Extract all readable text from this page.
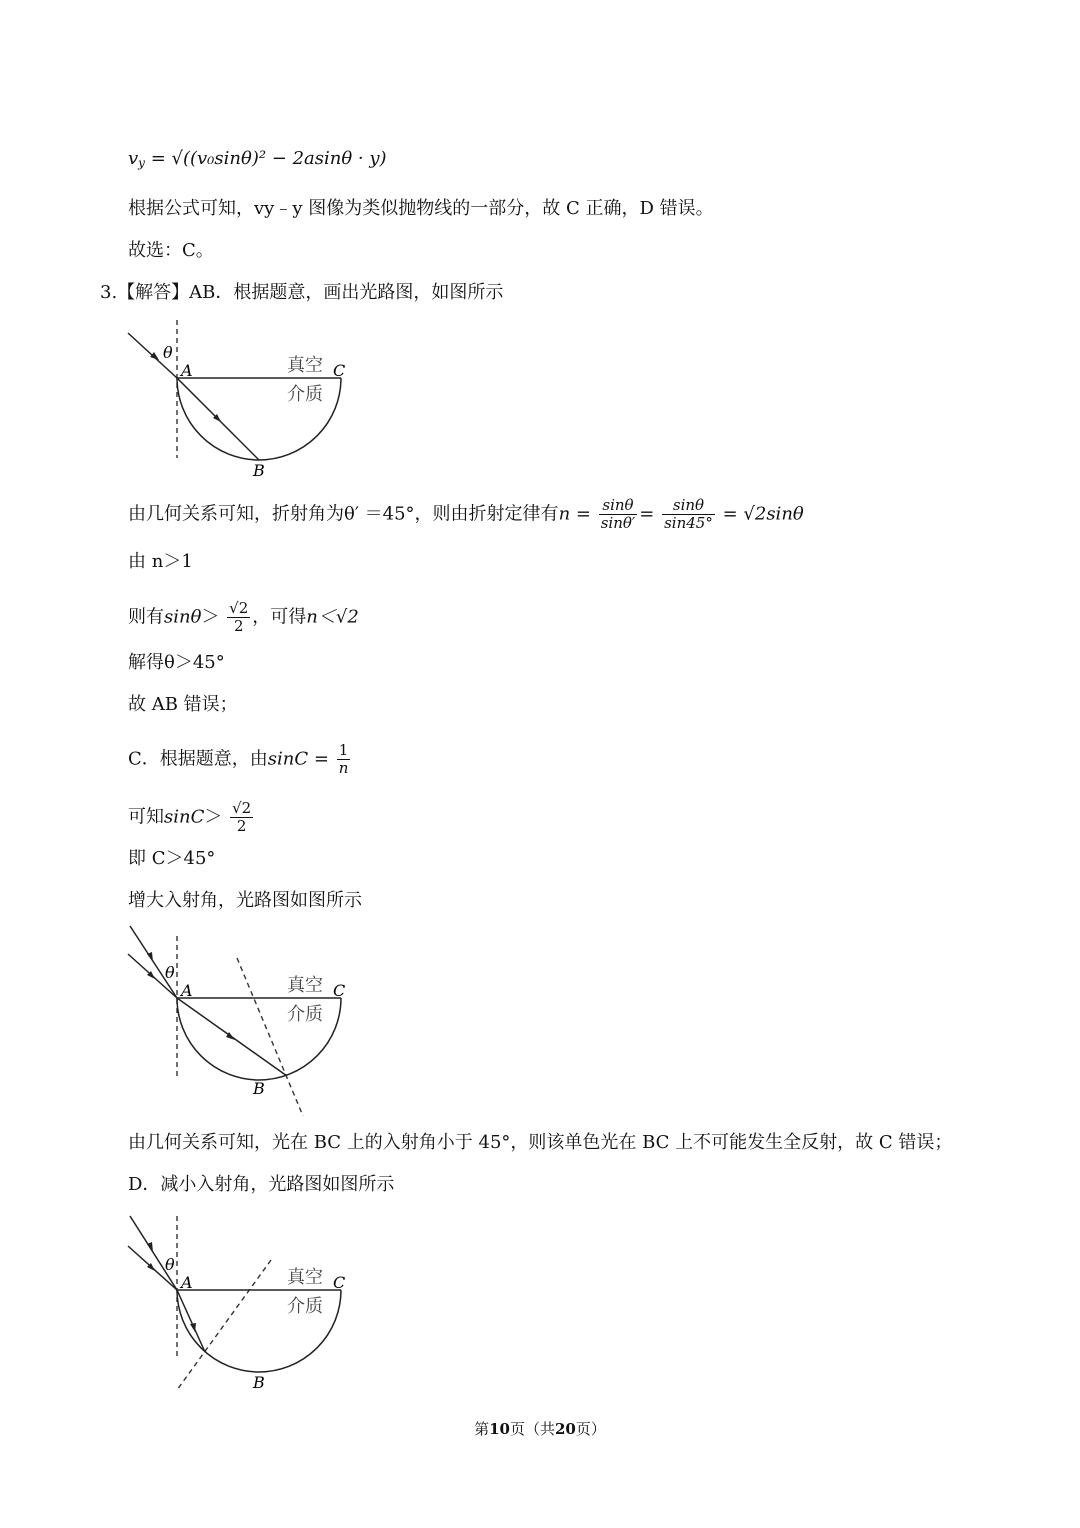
$v_y = √((v_0\sin\theta)^2 - 2asin\theta \cdot y)$
根据公式可知，vy﹣y 图像为类似抛物线的一部分，故 C 正确，D 错误。
故选：C。
3.【解答】AB．根据题意，画出光路图，如图所示
θ
A
B
C
真空
介质
由几何关系可知，折射角为θ′ ＝45°，则由折射定律有$n = \frac{\sin\theta}{\sin\theta'} = \frac{\sin\theta}{\sin 45^\circ} = √2\sin\theta$
由 n＞1
则有$\sin\theta> \frac{√2}{2}$ ，可得n＜√2
解得θ＞45°
故 AB 错误；
C．根据题意，由$\sin C = \frac{1}{n}$
可知$\sin C> \frac{√2}{2}$
即 C＞45°
增大入射角，光路图如图所示
θ
A
B
C
真空
介质
由几何关系可知，光在 BC 上的入射角小于 45°，则该单色光在 BC 上不可能发生全反射，故 C 错误；
D．减小入射角，光路图如图所示
θ
A
B
C
真空
介质
第10页（共20页）
